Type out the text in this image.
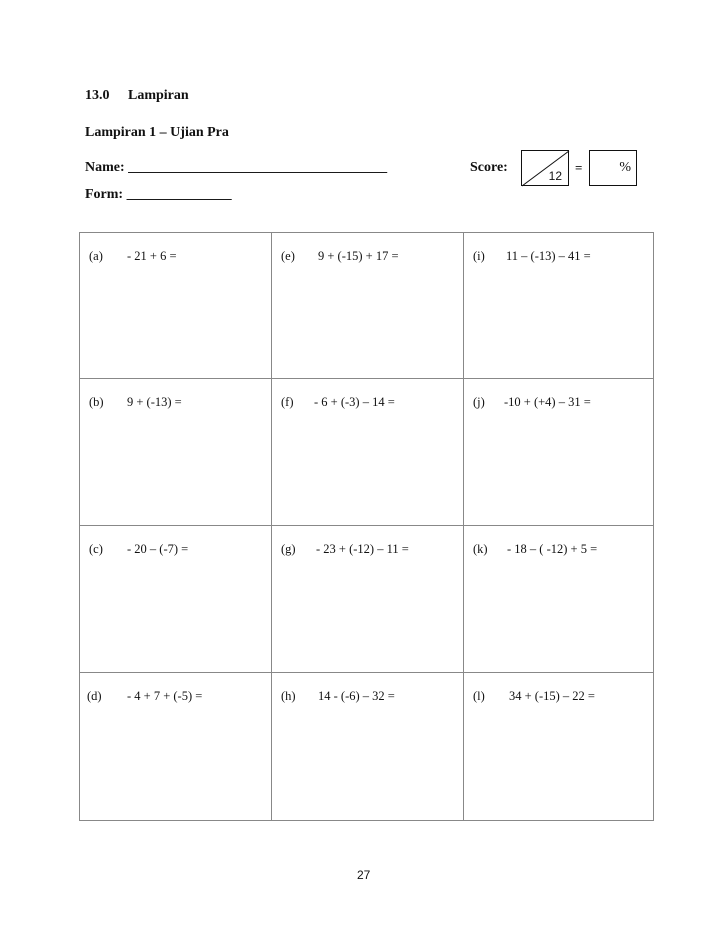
13.0 Lampiran
Lampiran 1 – Ujian Pra
Name: _____________________________________
Form: _______________
Score:
12
=	%
(a) - 21 + 6 =	(e) 9 + (-15) + 17 =	(i) 11 – (-13) – 41 =
(b) 9 + (-13) =	(f) - 6 + (-3) – 14 =	(j) -10 + (+4) – 31 =
(c) - 20 – (-7) =	(g) - 23 + (-12) – 11 =	(k) - 18 – ( -12) + 5 =
(d) - 4 + 7 + (-5) =	(h) 14 - (-6) – 32 =	(l) 34 + (-15) – 22 =
27
